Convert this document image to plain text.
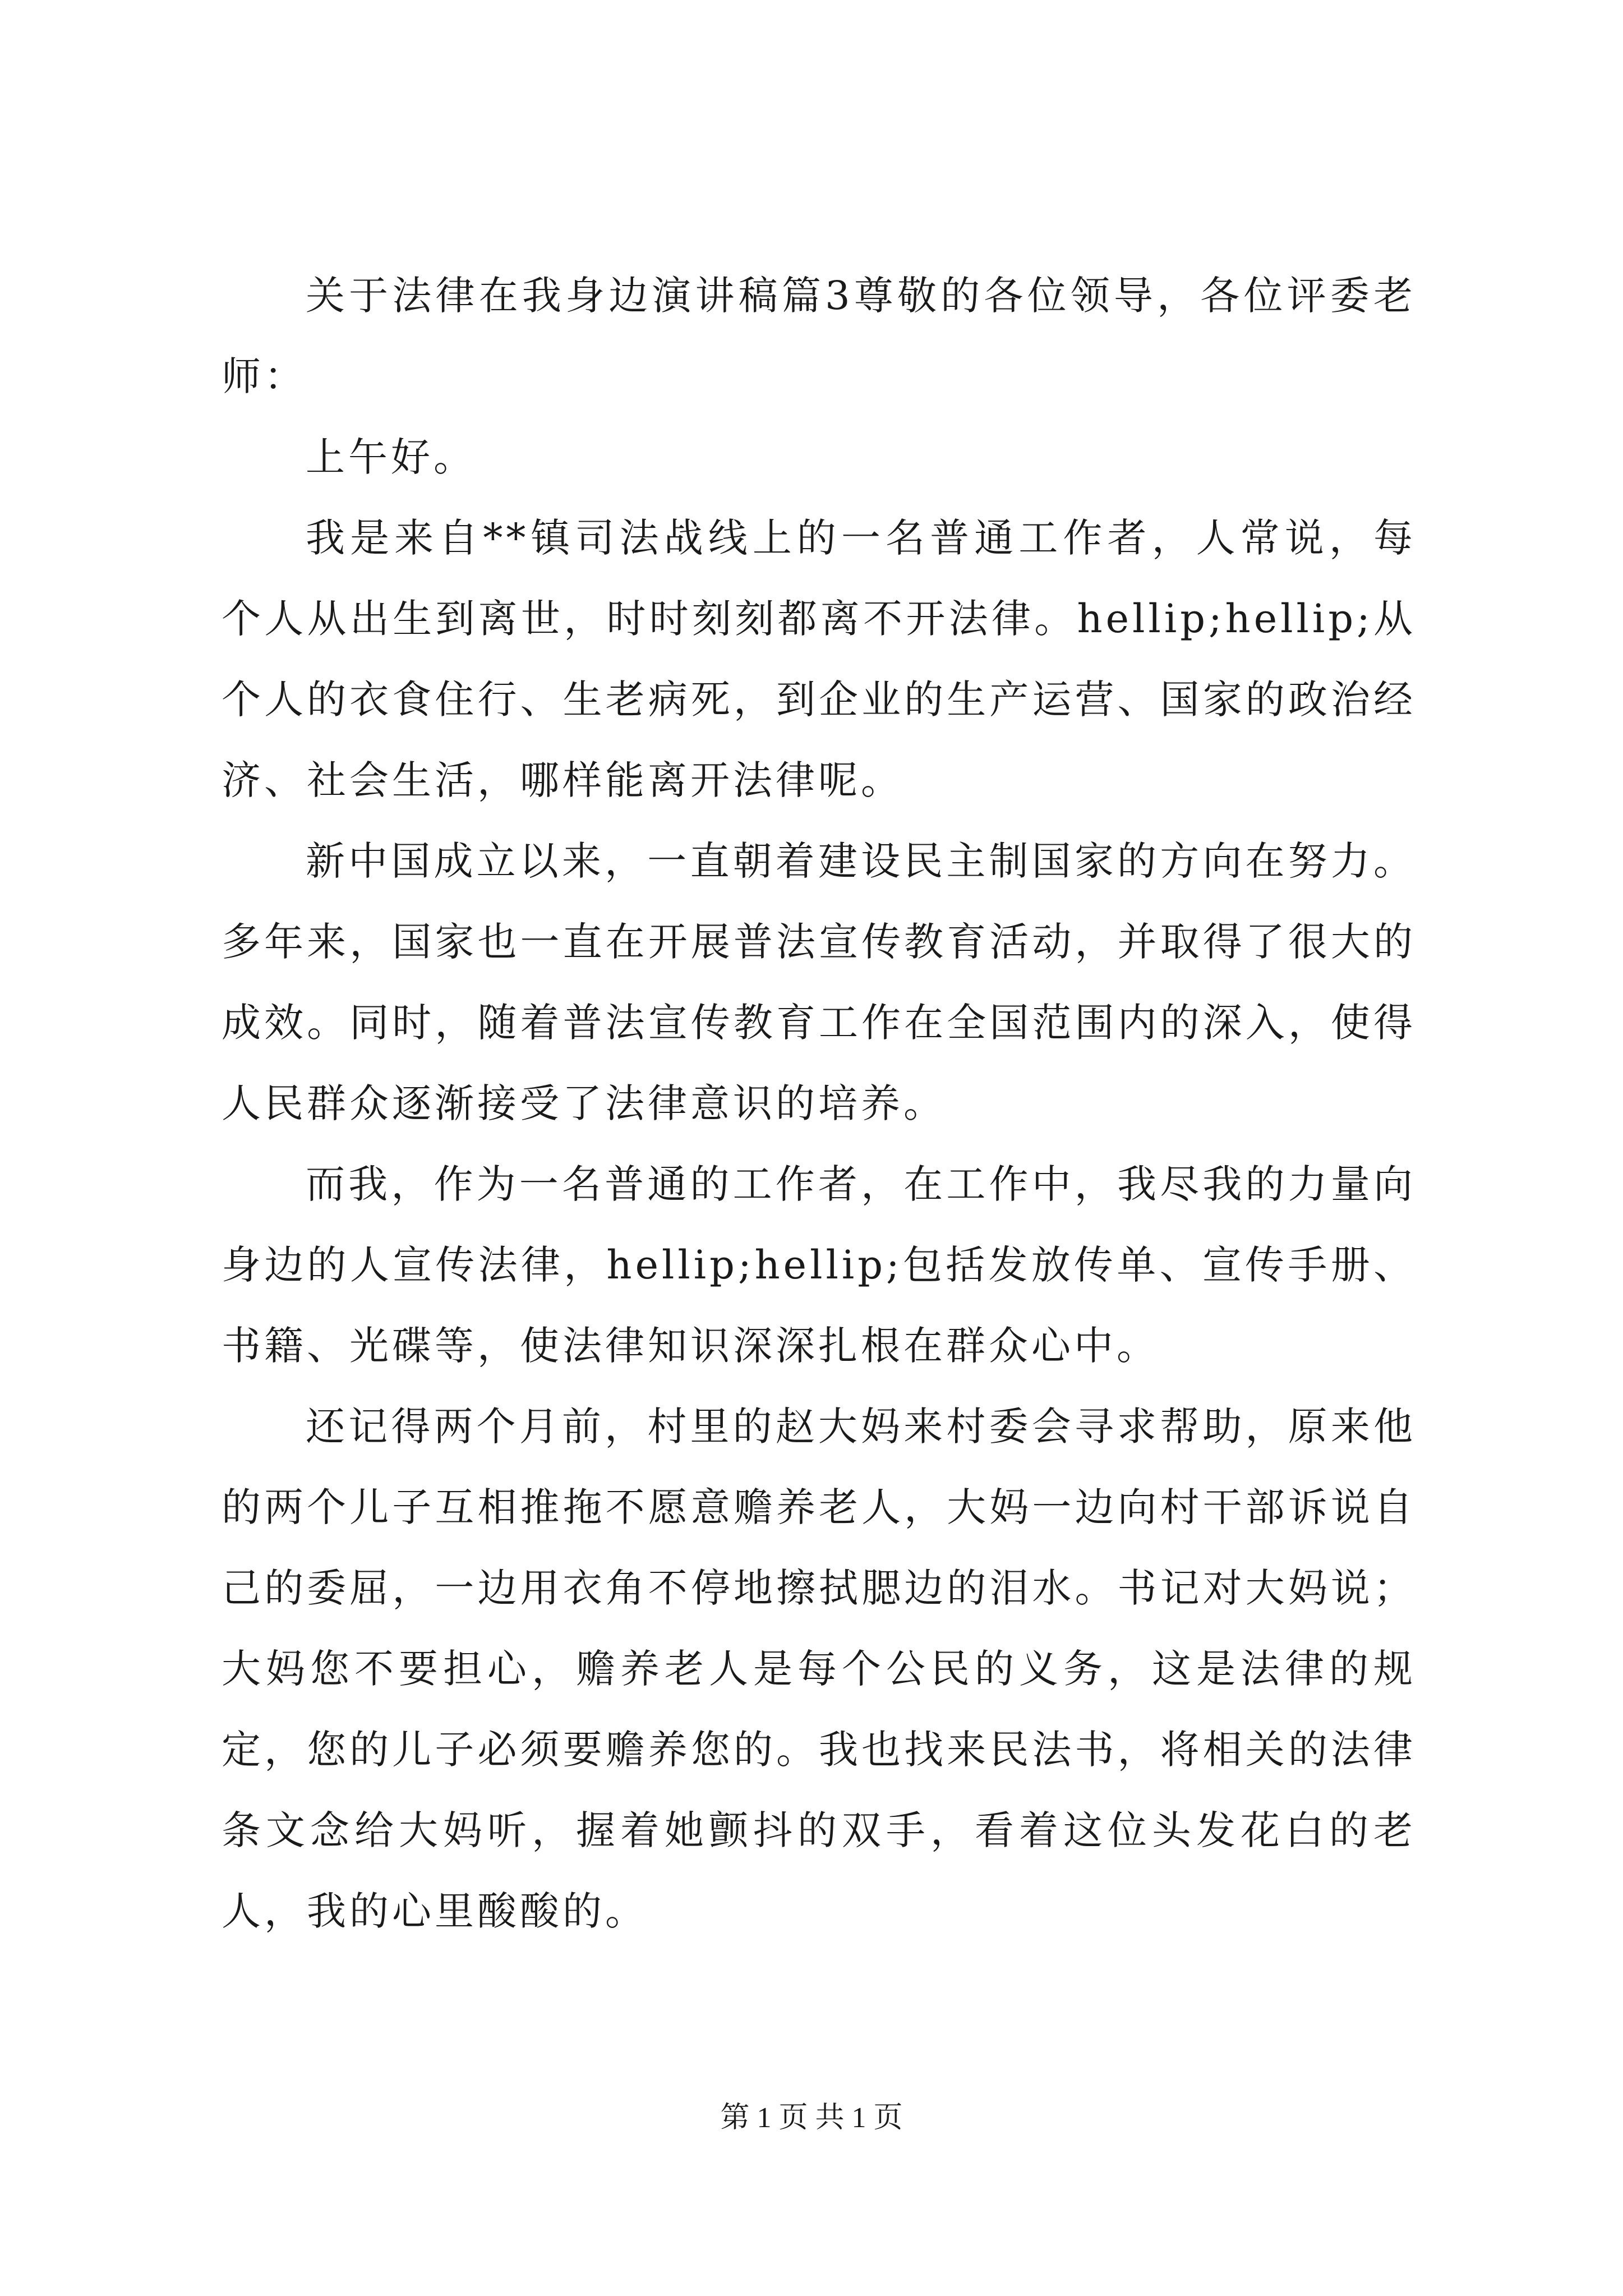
关于法律在我身边演讲稿篇3尊敬的各位领导，各位评委老师：

上午好。

我是来自**镇司法战线上的一名普通工作者，人常说，每个人从出生到离世，时时刻刻都离不开法律。hellip;hellip;从个人的衣食住行、生老病死，到企业的生产运营、国家的政治经济、社会生活，哪样能离开法律呢。

新中国成立以来，一直朝着建设民主制国家的方向在努力。多年来，国家也一直在开展普法宣传教育活动，并取得了很大的成效。同时，随着普法宣传教育工作在全国范围内的深入，使得人民群众逐渐接受了法律意识的培养。

而我，作为一名普通的工作者，在工作中，我尽我的力量向身边的人宣传法律，hellip;hellip;包括发放传单、宣传手册、书籍、光碟等，使法律知识深深扎根在群众心中。

还记得两个月前，村里的赵大妈来村委会寻求帮助，原来他的两个儿子互相推拖不愿意赡养老人，大妈一边向村干部诉说自己的委屈，一边用衣角不停地擦拭腮边的泪水。书记对大妈说；大妈您不要担心，赡养老人是每个公民的义务，这是法律的规定，您的儿子必须要赡养您的。我也找来民法书，将相关的法律条文念给大妈听，握着她颤抖的双手，看着这位头发花白的老人，我的心里酸酸的。

第 1 页 共 1 页
